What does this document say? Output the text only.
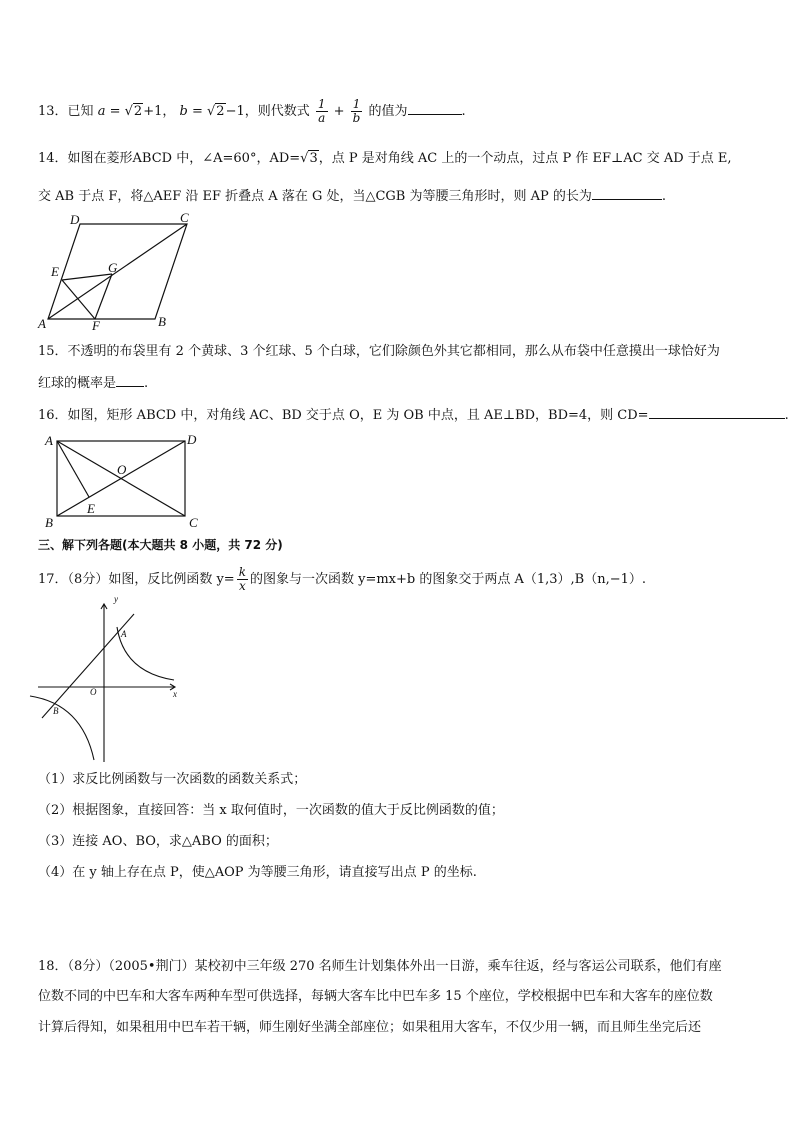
13．已知 a = √2+1， b = √2−1，则代数式 $\frac{1}{a} + \frac{1}{b}$ 的值为	.
14．如图在菱形ABCD 中，∠A=60°，AD=√3，点 P 是对角线 AC 上的一个动点，过点 P 作 EF⊥AC 交 AD 于点 E,
交 AB 于点 F，将△AEF 沿 EF 折叠点 A 落在 G 处，当△CGB 为等腰三角形时，则 AP 的长为	.
D	C
E	G
A	F	B
15．不透明的布袋里有 2 个黄球、3 个红球、5 个白球，它们除颜色外其它都相同，那么从布袋中任意摸出一球恰好为
红球的概率是 .
16．如图，矩形 ABCD 中，对角线 AC、BD 交于点 O，E 为 OB 中点，且 AE⊥BD，BD=4，则 CD=	.
A	D
O
E
B	C
三、解下列各题(本大题共 8 小题，共 72 分)
17．（8分）如图，反比例函数 $y= \frac{k}{x}$ 的图象与一次函数 y=mx+b 的图象交于两点 A（1,3）,B（n,−1）.
y
x
O
A
B
（1）求反比例函数与一次函数的函数关系式；
（2）根据图象，直接回答：当 x 取何值时，一次函数的值大于反比例函数的值；
（3）连接 AO、BO，求△ABO 的面积；
（4）在 y 轴上存在点 P，使△AOP 为等腰三角形，请直接写出点 P 的坐标.
18．（8分）（2005•荆门）某校初中三年级 270 名师生计划集体外出一日游，乘车往返，经与客运公司联系，他们有座
位数不同的中巴车和大客车两种车型可供选择，每辆大客车比中巴车多 15 个座位，学校根据中巴车和大客车的座位数
计算后得知，如果租用中巴车若干辆，师生刚好坐满全部座位；如果租用大客车，不仅少用一辆，而且师生坐完后还
